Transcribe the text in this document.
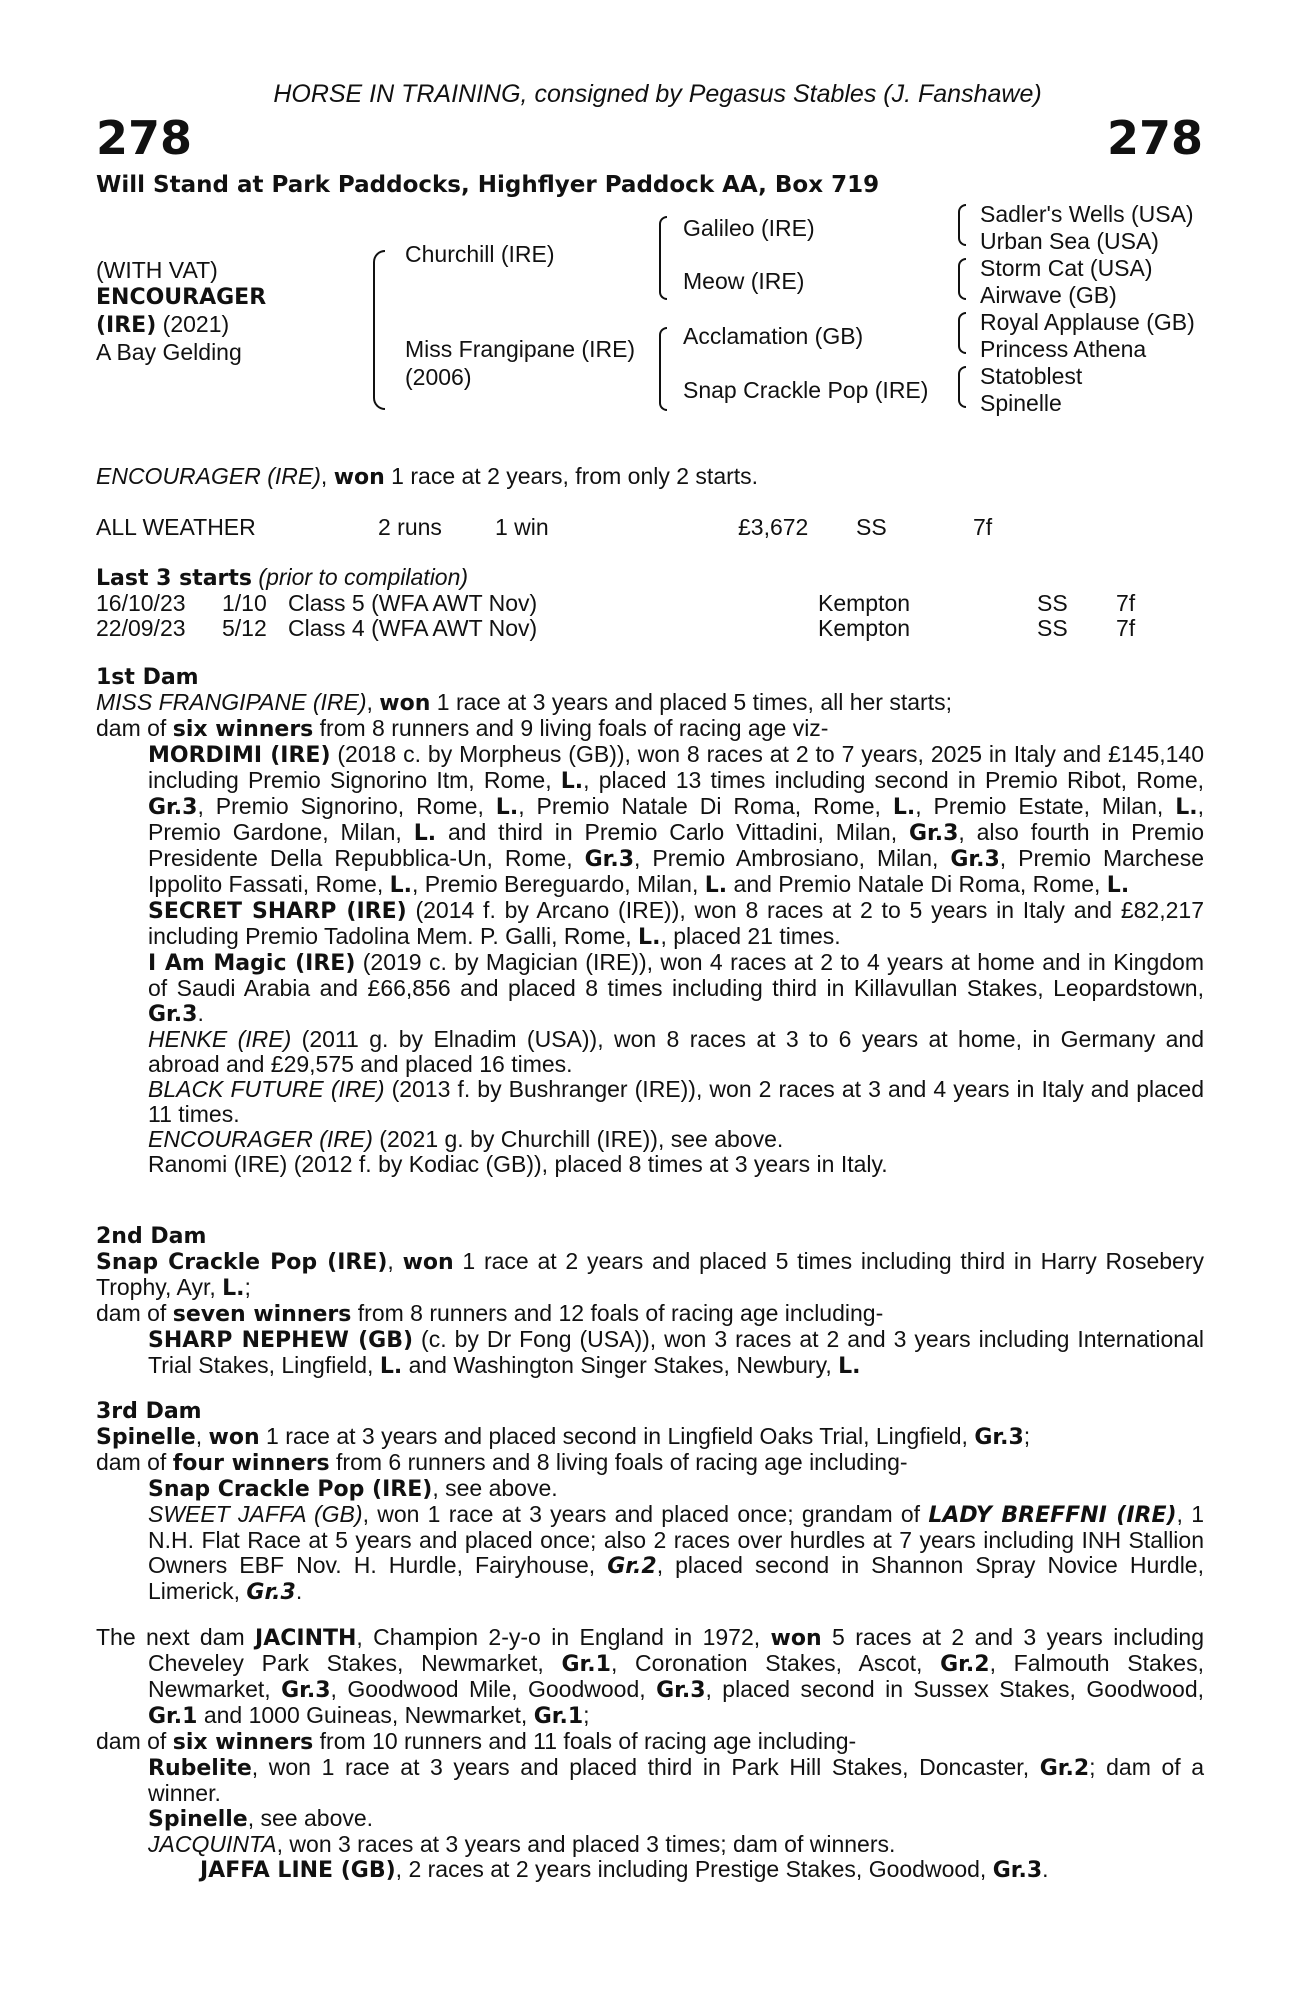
HORSE IN TRAINING, consigned by Pegasus Stables (J. Fanshawe)
278	278
Will Stand at Park Paddocks, Highflyer Paddock AA, Box 719
(WITH VAT)
ENCOURAGER
(IRE) (2021)
A Bay Gelding
Churchill (IRE)
Miss Frangipane (IRE)
(2006)
Galileo (IRE)
Meow (IRE)
Acclamation (GB)
Snap Crackle Pop (IRE)
Sadler's Wells (USA)
Urban Sea (USA)
Storm Cat (USA)
Airwave (GB)
Royal Applause (GB)
Princess Athena
Statoblest
Spinelle
ENCOURAGER (IRE), won 1 race at 2 years, from only 2 starts.
ALL WEATHER	2 runs 1 win	£3,672 SS	7f
Last 3 starts (prior to compilation)
16/10/23 1/10 Class 5 (WFA AWT Nov)	Kempton	SS 7f
22/09/23 5/12 Class 4 (WFA AWT Nov)	Kempton	SS 7f

1st Dam

MISS FRANGIPANE (IRE), won 1 race at 3 years and placed 5 times, all her starts;

dam of six winners from 8 runners and 9 living foals of racing age viz-

MORDIMI (IRE) (2018 c. by Morpheus (GB)), won 8 races at 2 to 7 years, 2025 in Italy and £145,140 including Premio Signorino Itm, Rome, L., placed 13 times including second in Premio Ribot, Rome, Gr.3, Premio Signorino, Rome, L., Premio Natale Di Roma, Rome, L., Premio Estate, Milan, L., Premio Gardone, Milan, L. and third in Premio Carlo Vittadini, Milan, Gr.3, also fourth in Premio Presidente Della Repubblica-Un, Rome, Gr.3, Premio Ambrosiano, Milan, Gr.3, Premio Marchese Ippolito Fassati, Rome, L., Premio Bereguardo, Milan, L. and Premio Natale Di Roma, Rome, L.

SECRET SHARP (IRE) (2014 f. by Arcano (IRE)), won 8 races at 2 to 5 years in Italy and £82,217 including Premio Tadolina Mem. P. Galli, Rome, L., placed 21 times.

I Am Magic (IRE) (2019 c. by Magician (IRE)), won 4 races at 2 to 4 years at home and in Kingdom of Saudi Arabia and £66,856 and placed 8 times including third in Killavullan Stakes, Leopardstown, Gr.3.

HENKE (IRE) (2011 g. by Elnadim (USA)), won 8 races at 3 to 6 years at home, in Germany and abroad and £29,575 and placed 16 times.

BLACK FUTURE (IRE) (2013 f. by Bushranger (IRE)), won 2 races at 3 and 4 years in Italy and placed 11 times.

ENCOURAGER (IRE) (2021 g. by Churchill (IRE)), see above.

Ranomi (IRE) (2012 f. by Kodiac (GB)), placed 8 times at 3 years in Italy.

2nd Dam

Snap Crackle Pop (IRE), won 1 race at 2 years and placed 5 times including third in Harry Rosebery Trophy, Ayr, L.;

dam of seven winners from 8 runners and 12 foals of racing age including-

SHARP NEPHEW (GB) (c. by Dr Fong (USA)), won 3 races at 2 and 3 years including International Trial Stakes, Lingfield, L. and Washington Singer Stakes, Newbury, L.

3rd Dam

Spinelle, won 1 race at 3 years and placed second in Lingfield Oaks Trial, Lingfield, Gr.3;

dam of four winners from 6 runners and 8 living foals of racing age including-

Snap Crackle Pop (IRE), see above.

SWEET JAFFA (GB), won 1 race at 3 years and placed once; grandam of LADY BREFFNI (IRE), 1 N.H. Flat Race at 5 years and placed once; also 2 races over hurdles at 7 years including INH Stallion Owners EBF Nov. H. Hurdle, Fairyhouse, Gr.2, placed second in Shannon Spray Novice Hurdle, Limerick, Gr.3.

The next dam JACINTH, Champion 2-y-o in England in 1972, won 5 races at 2 and 3 years including Cheveley Park Stakes, Newmarket, Gr.1, Coronation Stakes, Ascot, Gr.2, Falmouth Stakes, Newmarket, Gr.3, Goodwood Mile, Goodwood, Gr.3, placed second in Sussex Stakes, Goodwood, Gr.1 and 1000 Guineas, Newmarket, Gr.1;

dam of six winners from 10 runners and 11 foals of racing age including-

Rubelite, won 1 race at 3 years and placed third in Park Hill Stakes, Doncaster, Gr.2; dam of a winner.

Spinelle, see above.

JACQUINTA, won 3 races at 3 years and placed 3 times; dam of winners.

JAFFA LINE (GB), 2 races at 2 years including Prestige Stakes, Goodwood, Gr.3.
